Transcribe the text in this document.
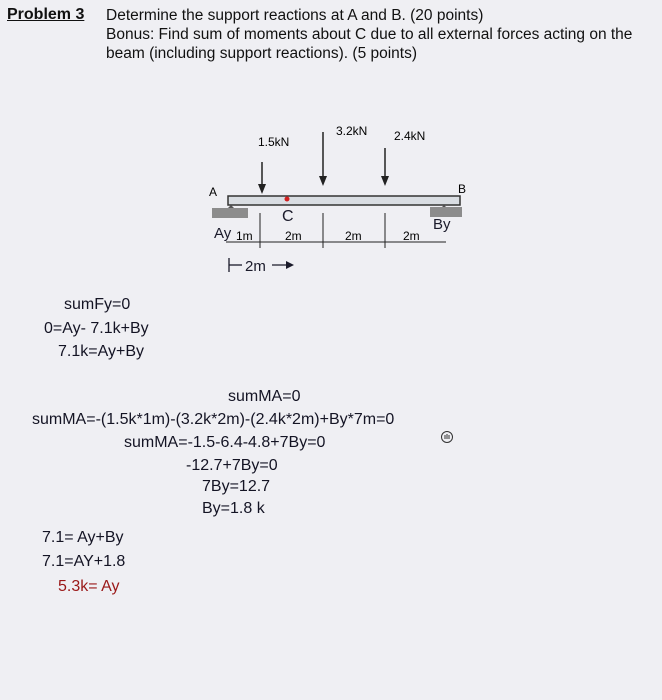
Problem 3 Determine the support reactions at A and B. (20 points)
Bonus: Find sum of moments about C due to all external forces acting on the
beam (including support reactions). (5 points)
1.5kN
3.2kN 2.4kN
A	B
C
1m	2m	2m	2m
Ay
By
2m
sumFy=0
0=Ay- 7.1k+By
7.1k=Ay+By
sumMA=0
sumMA=-(1.5k*1m)-(3.2k*2m)-(2.4k*2m)+By*7m=0
sumMA=-1.5-6.4-4.8+7By=0
-12.7+7By=0
7By=12.7
By=1.8 k
7.1= Ay+By
7.1=AY+1.8
5.3k= Ay
